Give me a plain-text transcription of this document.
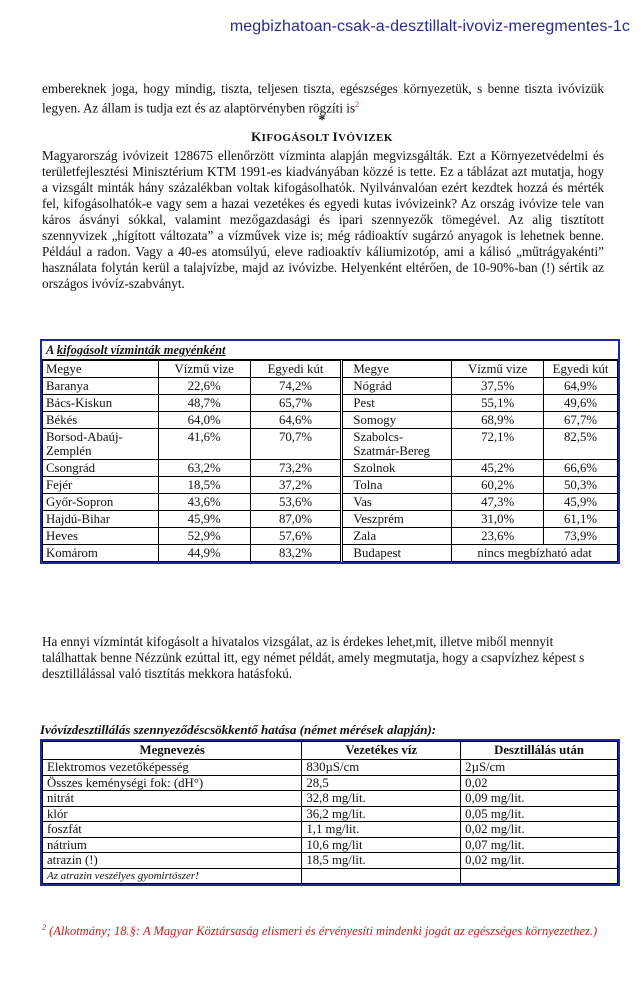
megbizhatoan-csak-a-desztillalt-ivoviz-meregmentes-1c
embereknek joga, hogy mindig, tiszta, teljesen tiszta, egészséges környezetük, s benne tiszta ivóvizük legyen. Az állam is tudja ezt és az alaptörvényben rögzíti $is^2$
*
KIFOGÁSOLT IVÓVIZEK
Magyarország ivóvizeit 128675 ellenőrzött vízminta alapján megvizsgálták. Ezt a Környezetvédelmi és területfejlesztési Minisztérium KTM 1991-es kiadványában közzé is tette. Ez a táblázat azt mutatja, hogy a vizsgált minták hány százalékban voltak kifogásolhatók. Nyilvánvalóan ezért kezdtek hozzá és mérték fel, kifogásolhatók-e vagy sem a hazai vezetékes és egyedi kutas ivóvizeink? Az ország ivóvize tele van káros ásványi sókkal, valamint mezőgazdasági és ipari szennyezők tömegével. Az alig tisztított szennyvizek „hígított változata” a vízművek vize is; még rádioaktív sugárzó anyagok is lehetnek benne. Például a radon. Vagy a 40-es atomsúlyú, eleve radioaktív káliumizotóp, ami a kálisó „műtrágyakénti” használata folytán kerül a talajvízbe, majd az ivóvízbe. Helyenként eltérően, de 10-90%-ban (!) sértik az országos ivóvíz-szabványt.
A kifogásolt vízminták megyénként
Megye	Vízmű vize	Egyedi kút	Megye	Vízmű vize	Egyedi kút
Baranya	22,6%	74,2%	Nógrád	37,5%	64,9%
Bács-Kiskun	48,7%	65,7%	Pest	55,1%	49,6%
Békés	64,0%	64,6%	Somogy	68,9%	67,7%
Borsod-Abaúj-Zemplén	41,6%	70,7%	Szabolcs-Szatmár-Bereg	72,1%	82,5%
Csongrád	63,2%	73,2%	Szolnok	45,2%	66,6%
Fejér	18,5%	37,2%	Tolna	60,2%	50,3%
Győr-Sopron	43,6%	53,6%	Vas	47,3%	45,9%
Hajdú-Bihar	45,9%	87,0%	Veszprém	31,0%	61,1%
Heves	52,9%	57,6%	Zala	23,6%	73,9%
Komárom	44,9%	83,2%	Budapest	nincs megbízható adat	
Ha ennyi vízmintát kifogásolt a hivatalos vizsgálat, az is érdekes lehet,mit, illetve miből mennyit találhattak benne Nézzünk ezúttal itt, egy német példát, amely megmutatja, hogy a csapvízhez képest s desztillálással való tisztítás mekkora hatásfokú.
Ivóvízdesztillálás szennyeződéscsökkentő hatása (német mérések alapján):
Megnevezés	Vezetékes víz	Desztillálás után
Elektromos vezetőképesség	830µS/cm	2µS/cm
Összes keménységi fok: (dH°)	28,5	0,02
nitrát	32,8 mg/lit.	0,09 mg/lit.
klór	36,2 mg/lit.	0,05 mg/lit.
foszfát	1,1 mg/lit.	0,02 mg/lit.
nátrium	10,6 mg/lit	0,07 mg/lit.
atrazin (!)	18,5 mg/lit.	0,02 mg/lit.
Az atrazin veszélyes gyomirtószer!		
$^2$ (Alkotmány; 18.§: A Magyar Köztársaság elismeri és érvényesíti mindenki jogát az egészséges környezethez.)
